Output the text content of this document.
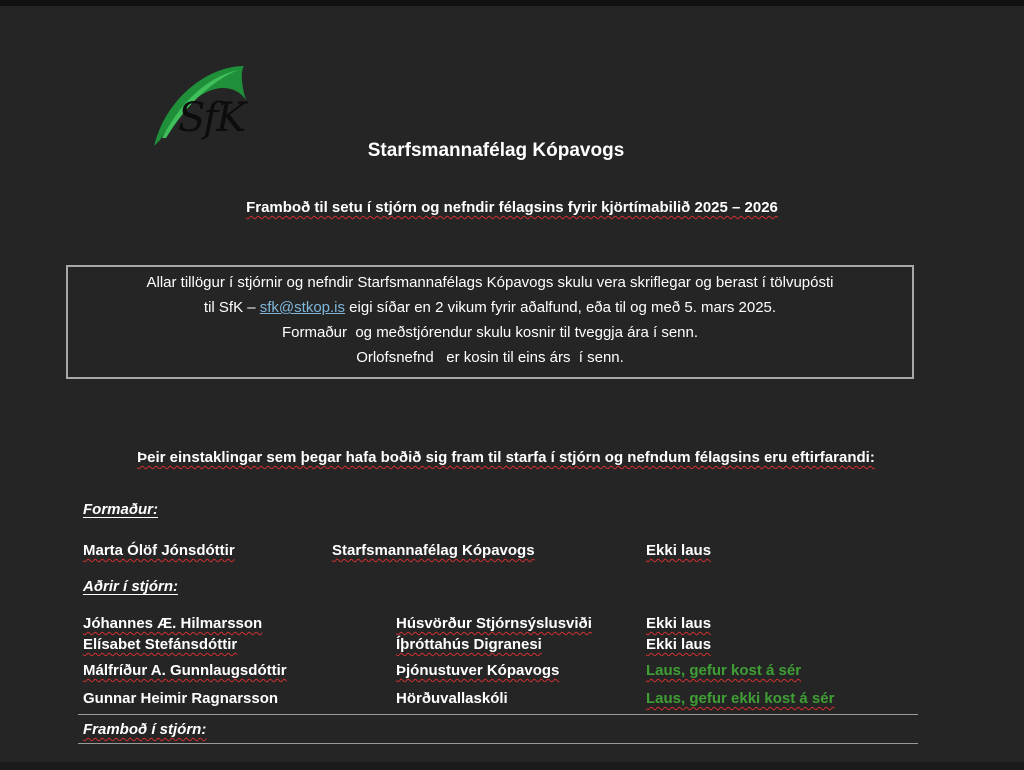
SfK
Starfsmannafélag Kópavogs
Framboð til setu í stjórn og nefndir félagsins fyrir kjörtímabilið 2025 – 2026
Allar tillögur í stjórnir og nefndir Starfsmannafélags Kópavogs skulu vera skriflegar og berast í tölvupósti
til SfK – sfk@stkop.is eigi síðar en 2 vikum fyrir aðalfund, eða til og með 5. mars 2025.
Formaður  og meðstjórendur skulu kosnir til tveggja ára í senn.
Orlofsnefnd   er kosin til eins árs  í senn.
Þeir einstaklingar sem þegar hafa boðið sig fram til starfa í stjórn og nefndum félagsins eru eftirfarandi:
Formaður:
Marta Ólöf Jónsdóttir	Starfsmannafélag Kópavogs	Ekki laus
Aðrir í stjórn:
Jóhannes Æ. Hilmarsson	Húsvörður Stjórnsýslusviði	Ekki laus
Elísabet Stefánsdóttir	Íþróttahús Digranesi	Ekki laus
Málfríður A. Gunnlaugsdóttir	Þjónustuver Kópavogs	Laus, gefur kost á sér
Gunnar Heimir Ragnarsson	Hörðuvallaskóli	Laus, gefur ekki kost á sér
Framboð í stjórn:
